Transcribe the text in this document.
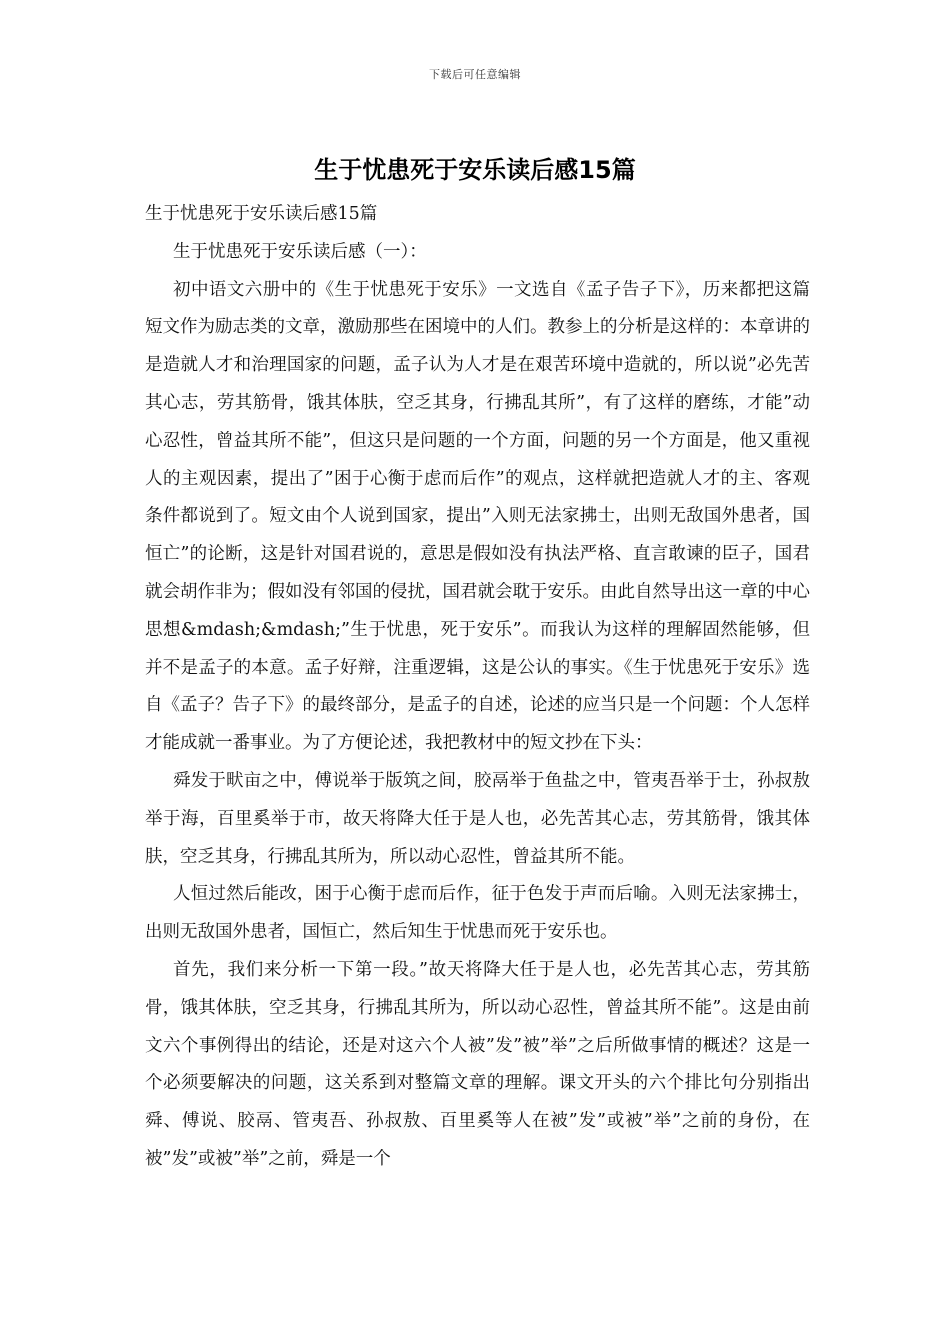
下载后可任意编辑
生于忧患死于安乐读后感15篇

生于忧患死于安乐读后感15篇

生于忧患死于安乐读后感（一）：

初中语文六册中的《生于忧患死于安乐》一文选自《孟子告子下》，历来都把这篇短文作为励志类的文章，激励那些在困境中的人们。教参上的分析是这样的：本章讲的是造就人才和治理国家的问题，孟子认为人才是在艰苦环境中造就的，所以说”必先苦其心志，劳其筋骨，饿其体肤，空乏其身，行拂乱其所”，有了这样的磨练，才能”动心忍性，曾益其所不能”，但这只是问题的一个方面，问题的另一个方面是，他又重视人的主观因素，提出了”困于心衡于虑而后作”的观点，这样就把造就人才的主、客观条件都说到了。短文由个人说到国家，提出”入则无法家拂士，出则无敌国外患者，国恒亡”的论断，这是针对国君说的，意思是假如没有执法严格、直言敢谏的臣子，国君就会胡作非为；假如没有邻国的侵扰，国君就会耽于安乐。由此自然导出这一章的中心思想&mdash;&mdash;”生于忧患，死于安乐”。而我认为这样的理解固然能够，但并不是孟子的本意。孟子好辩，注重逻辑，这是公认的事实。《生于忧患死于安乐》选自《孟子？告子下》的最终部分，是孟子的自述，论述的应当只是一个问题：个人怎样才能成就一番事业。为了方便论述，我把教材中的短文抄在下头：

舜发于畎亩之中，傅说举于版筑之间，胶鬲举于鱼盐之中，管夷吾举于士，孙叔敖举于海，百里奚举于市，故天将降大任于是人也，必先苦其心志，劳其筋骨，饿其体肤，空乏其身，行拂乱其所为，所以动心忍性，曾益其所不能。

人恒过然后能改，困于心衡于虑而后作，征于色发于声而后喻。入则无法家拂士，出则无敌国外患者，国恒亡，然后知生于忧患而死于安乐也。

首先，我们来分析一下第一段。”故天将降大任于是人也，必先苦其心志，劳其筋骨，饿其体肤，空乏其身，行拂乱其所为，所以动心忍性，曾益其所不能”。这是由前文六个事例得出的结论，还是对这六个人被”发”被”举”之后所做事情的概述？这是一个必须要解决的问题，这关系到对整篇文章的理解。课文开头的六个排比句分别指出舜、傅说、胶鬲、管夷吾、孙叔敖、百里奚等人在被”发”或被”举”之前的身份，在被”发”或被”举”之前，舜是一个
